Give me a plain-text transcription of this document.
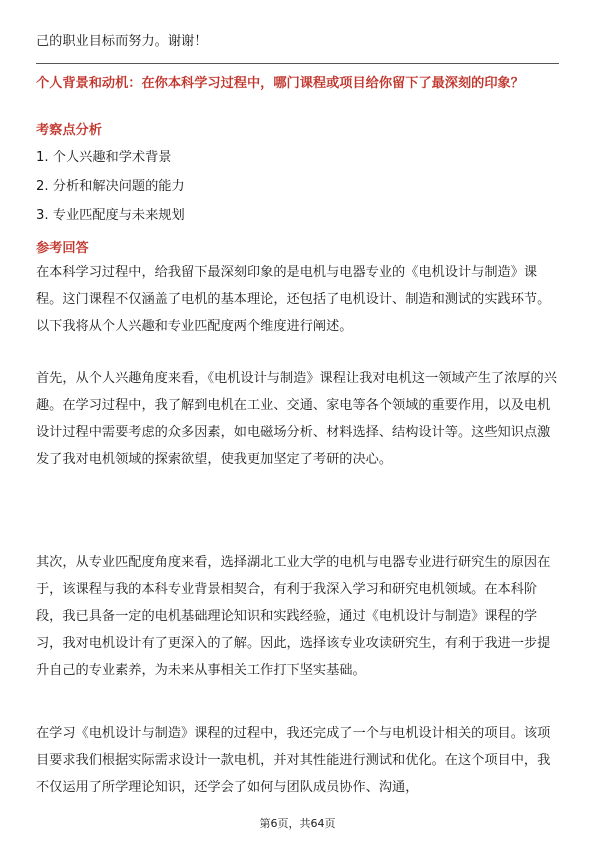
己的职业目标而努力。谢谢！

个人背景和动机：在你本科学习过程中，哪门课程或项目给你留下了最深刻的印象？
考察点分析
1. 个人兴趣和学术背景
2. 分析和解决问题的能力
3. 专业匹配度与未来规划
参考回答

在本科学习过程中，给我留下最深刻印象的是电机与电器专业的《电机设计与制造》课程。这门课程不仅涵盖了电机的基本理论，还包括了电机设计、制造和测试的实践环节。以下我将从个人兴趣和专业匹配度两个维度进行阐述。

首先，从个人兴趣角度来看，《电机设计与制造》课程让我对电机这一领域产生了浓厚的兴趣。在学习过程中，我了解到电机在工业、交通、家电等各个领域的重要作用，以及电机设计过程中需要考虑的众多因素，如电磁场分析、材料选择、结构设计等。这些知识点激发了我对电机领域的探索欲望，使我更加坚定了考研的决心。

其次，从专业匹配度角度来看，选择湖北工业大学的电机与电器专业进行研究生的原因在于，该课程与我的本科专业背景相契合，有利于我深入学习和研究电机领域。在本科阶段，我已具备一定的电机基础理论知识和实践经验，通过《电机设计与制造》课程的学习，我对电机设计有了更深入的了解。因此，选择该专业攻读研究生，有利于我进一步提升自己的专业素养，为未来从事相关工作打下坚实基础。

在学习《电机设计与制造》课程的过程中，我还完成了一个与电机设计相关的项目。该项目要求我们根据实际需求设计一款电机，并对其性能进行测试和优化。在这个项目中，我不仅运用了所学理论知识，还学会了如何与团队成员协作、沟通，

第6页，共64页
